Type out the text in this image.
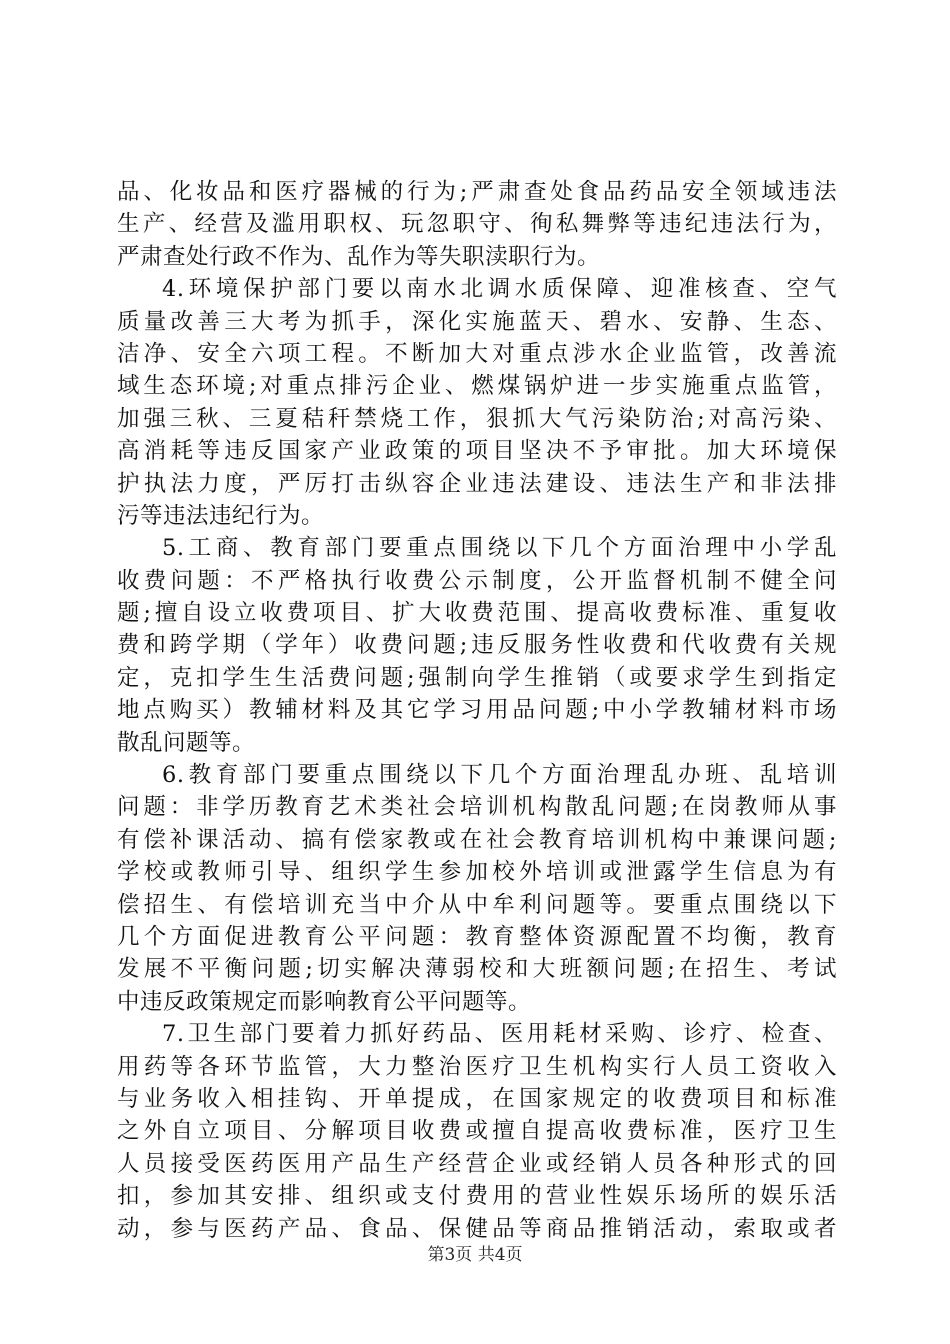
品、化妆品和医疗器械的行为;严肃查处食品药品安全领域违法
生产、经营及滥用职权、玩忽职守、徇私舞弊等违纪违法行为，
严肃查处行政不作为、乱作为等失职渎职行为。
4.环境保护部门要以南水北调水质保障、迎准核查、空气
质量改善三大考为抓手，深化实施蓝天、碧水、安静、生态、
洁净、安全六项工程。不断加大对重点涉水企业监管，改善流
域生态环境;对重点排污企业、燃煤锅炉进一步实施重点监管，
加强三秋、三夏秸秆禁烧工作，狠抓大气污染防治;对高污染、
高消耗等违反国家产业政策的项目坚决不予审批。加大环境保
护执法力度，严厉打击纵容企业违法建设、违法生产和非法排
污等违法违纪行为。
5.工商、教育部门要重点围绕以下几个方面治理中小学乱
收费问题：不严格执行收费公示制度，公开监督机制不健全问
题;擅自设立收费项目、扩大收费范围、提高收费标准、重复收
费和跨学期（学年）收费问题;违反服务性收费和代收费有关规
定，克扣学生生活费问题;强制向学生推销（或要求学生到指定
地点购买）教辅材料及其它学习用品问题;中小学教辅材料市场
散乱问题等。
6.教育部门要重点围绕以下几个方面治理乱办班、乱培训
问题：非学历教育艺术类社会培训机构散乱问题;在岗教师从事
有偿补课活动、搞有偿家教或在社会教育培训机构中兼课问题;
学校或教师引导、组织学生参加校外培训或泄露学生信息为有
偿招生、有偿培训充当中介从中牟利问题等。要重点围绕以下
几个方面促进教育公平问题：教育整体资源配置不均衡，教育
发展不平衡问题;切实解决薄弱校和大班额问题;在招生、考试
中违反政策规定而影响教育公平问题等。
7.卫生部门要着力抓好药品、医用耗材采购、诊疗、检查、
用药等各环节监管，大力整治医疗卫生机构实行人员工资收入
与业务收入相挂钩、开单提成，在国家规定的收费项目和标准
之外自立项目、分解项目收费或擅自提高收费标准，医疗卫生
人员接受医药医用产品生产经营企业或经销人员各种形式的回
扣，参加其安排、组织或支付费用的营业性娱乐场所的娱乐活
动，参与医药产品、食品、保健品等商品推销活动，索取或者
第3页 共4页
